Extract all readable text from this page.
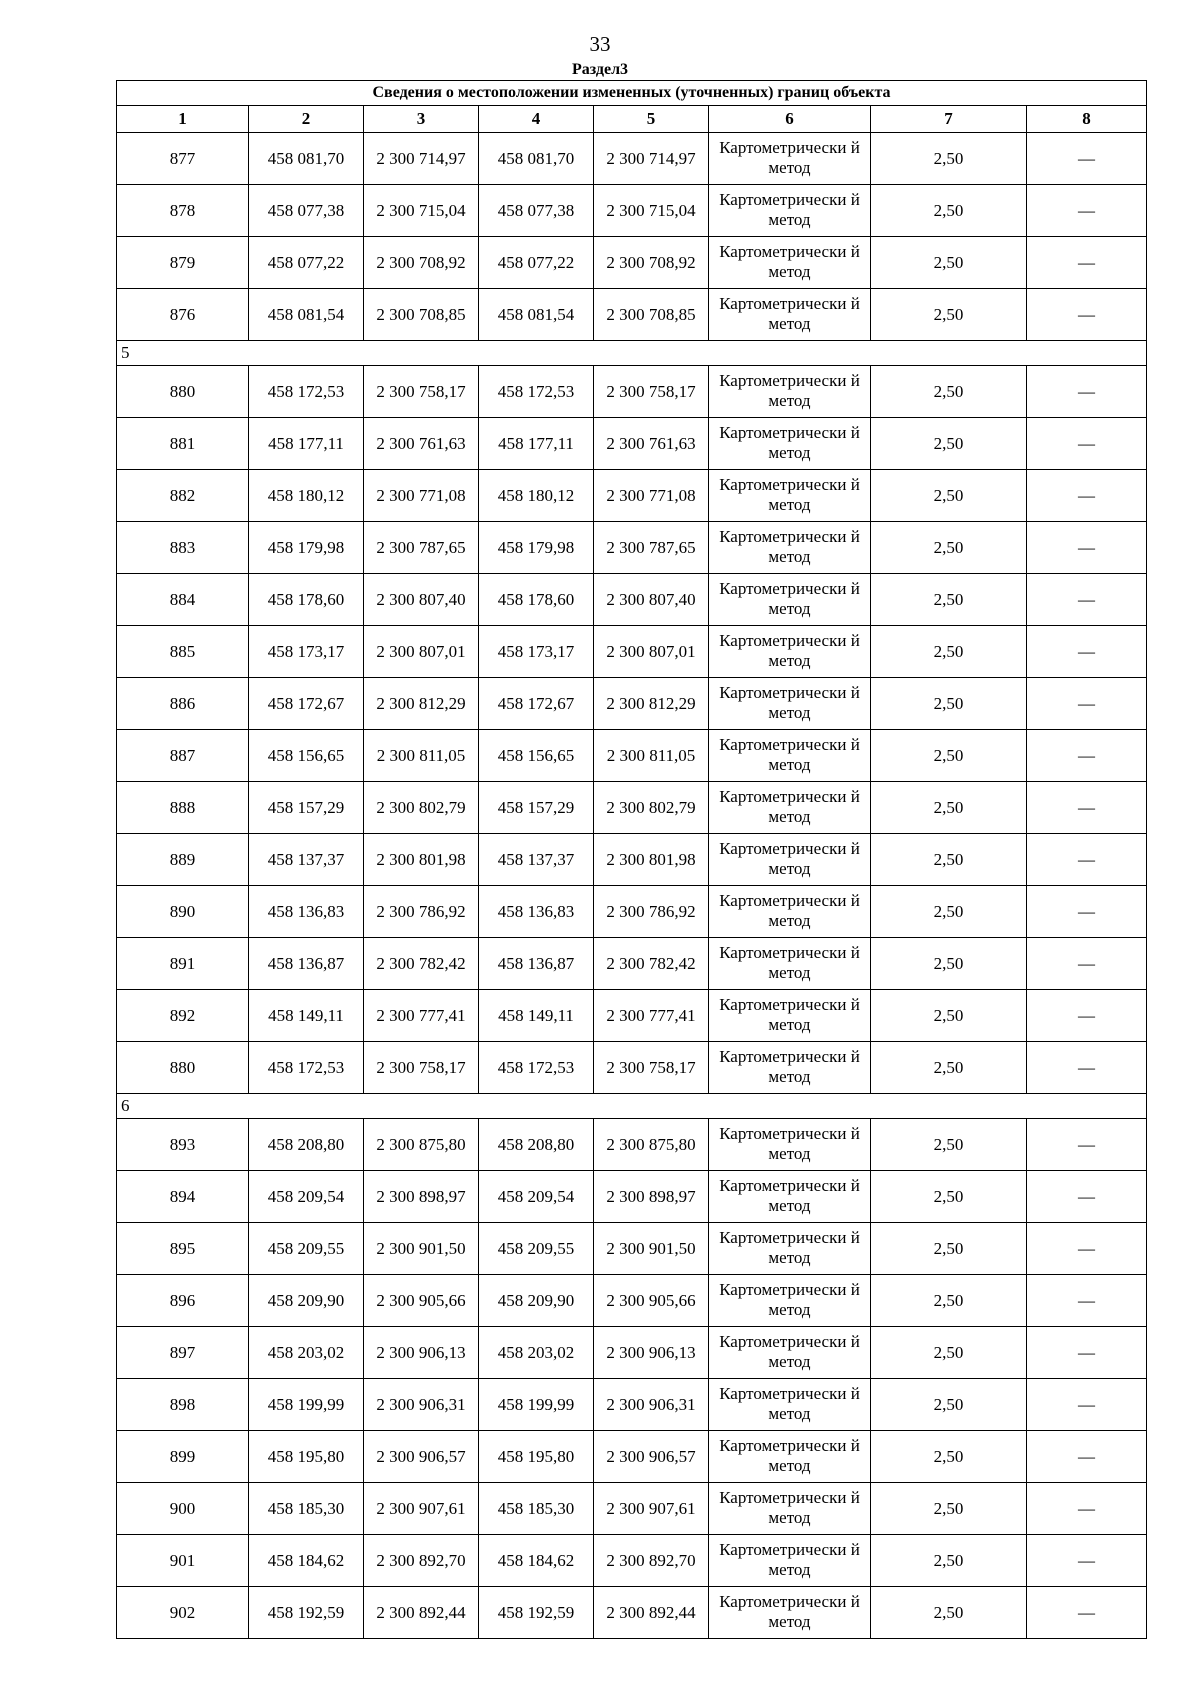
33
Раздел3
Сведения о местоположении измененных (уточненных) границ объекта							
1	2	3	4	5	6	7	8
877	458 081,70	2 300 714,97	458 081,70	2 300 714,97	Картометрически й метод	2,50	—
878	458 077,38	2 300 715,04	458 077,38	2 300 715,04	Картометрически й метод	2,50	—
879	458 077,22	2 300 708,92	458 077,22	2 300 708,92	Картометрически й метод	2,50	—
876	458 081,54	2 300 708,85	458 081,54	2 300 708,85	Картометрически й метод	2,50	—
5							
880	458 172,53	2 300 758,17	458 172,53	2 300 758,17	Картометрически й метод	2,50	—
881	458 177,11	2 300 761,63	458 177,11	2 300 761,63	Картометрически й метод	2,50	—
882	458 180,12	2 300 771,08	458 180,12	2 300 771,08	Картометрически й метод	2,50	—
883	458 179,98	2 300 787,65	458 179,98	2 300 787,65	Картометрически й метод	2,50	—
884	458 178,60	2 300 807,40	458 178,60	2 300 807,40	Картометрически й метод	2,50	—
885	458 173,17	2 300 807,01	458 173,17	2 300 807,01	Картометрически й метод	2,50	—
886	458 172,67	2 300 812,29	458 172,67	2 300 812,29	Картометрически й метод	2,50	—
887	458 156,65	2 300 811,05	458 156,65	2 300 811,05	Картометрически й метод	2,50	—
888	458 157,29	2 300 802,79	458 157,29	2 300 802,79	Картометрически й метод	2,50	—
889	458 137,37	2 300 801,98	458 137,37	2 300 801,98	Картометрически й метод	2,50	—
890	458 136,83	2 300 786,92	458 136,83	2 300 786,92	Картометрически й метод	2,50	—
891	458 136,87	2 300 782,42	458 136,87	2 300 782,42	Картометрически й метод	2,50	—
892	458 149,11	2 300 777,41	458 149,11	2 300 777,41	Картометрически й метод	2,50	—
880	458 172,53	2 300 758,17	458 172,53	2 300 758,17	Картометрически й метод	2,50	—
6							
893	458 208,80	2 300 875,80	458 208,80	2 300 875,80	Картометрически й метод	2,50	—
894	458 209,54	2 300 898,97	458 209,54	2 300 898,97	Картометрически й метод	2,50	—
895	458 209,55	2 300 901,50	458 209,55	2 300 901,50	Картометрически й метод	2,50	—
896	458 209,90	2 300 905,66	458 209,90	2 300 905,66	Картометрически й метод	2,50	—
897	458 203,02	2 300 906,13	458 203,02	2 300 906,13	Картометрически й метод	2,50	—
898	458 199,99	2 300 906,31	458 199,99	2 300 906,31	Картометрически й метод	2,50	—
899	458 195,80	2 300 906,57	458 195,80	2 300 906,57	Картометрически й метод	2,50	—
900	458 185,30	2 300 907,61	458 185,30	2 300 907,61	Картометрически й метод	2,50	—
901	458 184,62	2 300 892,70	458 184,62	2 300 892,70	Картометрически й метод	2,50	—
902	458 192,59	2 300 892,44	458 192,59	2 300 892,44	Картометрически й метод	2,50	—
